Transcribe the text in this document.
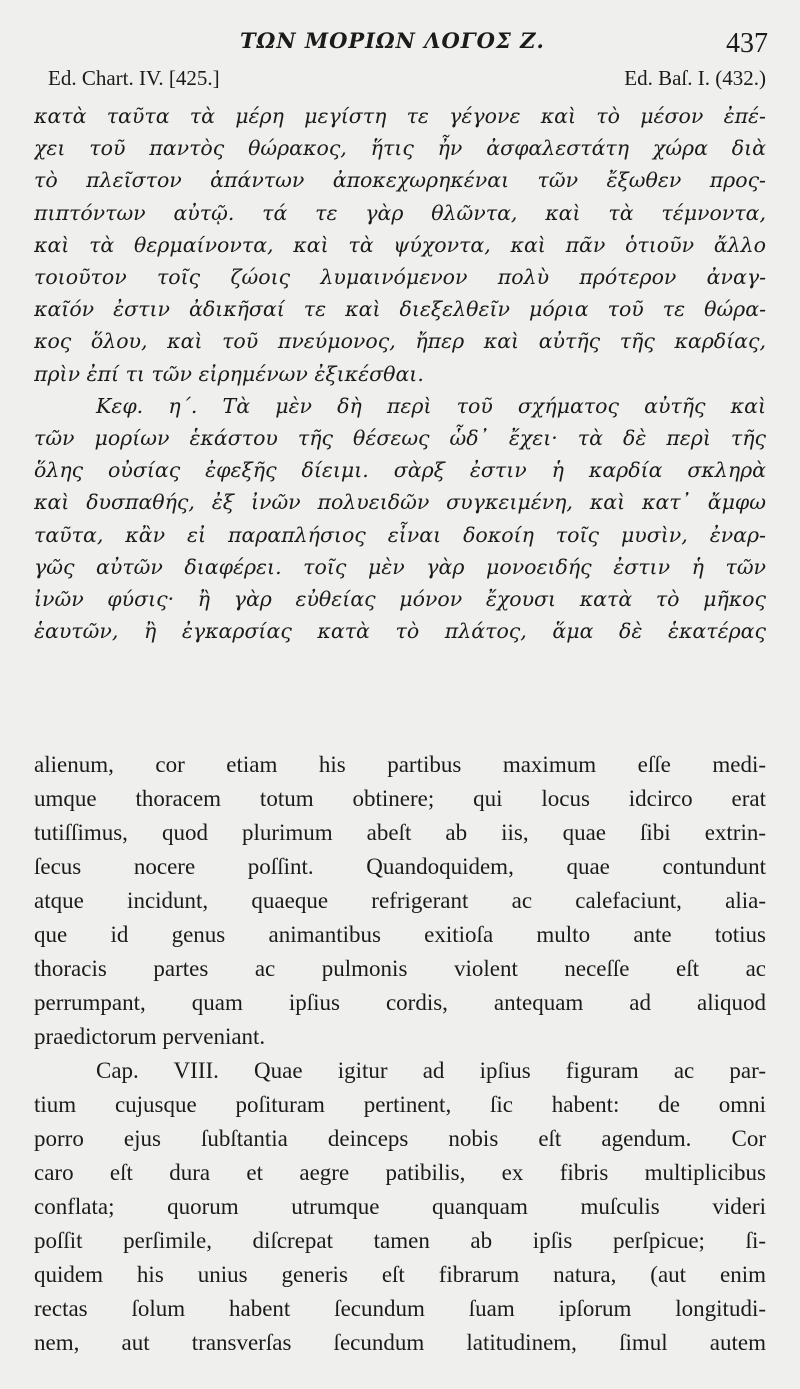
ΤΩΝ ΜΟΡΙΩΝ ΛΟΓΟΣ Ζ.	437
Ed. Chart. IV. [425.]	Ed. Baſ. I. (432.)
κατὰ ταῦτα τὰ μέρη μεγίστη τε γέγονε καὶ τὸ μέσον ἐπέ-
χει τοῦ παντὸς θώρακος, ἥτις ἦν ἀσφαλεστάτη χώρα διὰ
τὸ πλεῖστον ἁπάντων ἀποκεχωρηκέναι τῶν ἔξωθεν προς-
πιπτόντων αὐτῷ. τά τε γὰρ θλῶντα, καὶ τὰ τέμνοντα,
καὶ τὰ θερμαίνοντα, καὶ τὰ ψύχοντα, καὶ πᾶν ὁτιοῦν ἄλλο
τοιοῦτον τοῖς ζώοις λυμαινόμενον πολὺ πρότερον ἀναγ-
καῖόν ἐστιν ἀδικῆσαί τε καὶ διεξελθεῖν μόρια τοῦ τε θώρα-
κος ὅλου, καὶ τοῦ πνεύμονος, ἤπερ καὶ αὐτῆς τῆς καρδίας,
πρὶν ἐπί τι τῶν εἰρημένων ἐξικέσθαι.
Κεφ. η΄. Τὰ μὲν δὴ περὶ τοῦ σχήματος αὐτῆς καὶ
τῶν μορίων ἑκάστου τῆς θέσεως ὧδ᾽ ἔχει· τὰ δὲ περὶ τῆς
ὅλης οὐσίας ἐφεξῆς δίειμι. σὰρξ ἐστιν ἡ καρδία σκληρὰ
καὶ δυσπαθής, ἐξ ἰνῶν πολυειδῶν συγκειμένη, καὶ κατ᾽ ἄμφω
ταῦτα, κἂν εἰ παραπλήσιος εἶναι δοκοίη τοῖς μυσὶν, ἐναρ-
γῶς αὐτῶν διαφέρει. τοῖς μὲν γὰρ μονοειδής ἐστιν ἡ τῶν
ἰνῶν φύσις· ἢ γὰρ εὐθείας μόνον ἔχουσι κατὰ τὸ μῆκος
ἑαυτῶν, ἢ ἐγκαρσίας κατὰ τὸ πλάτος, ἅμα δὲ ἑκατέρας
alienum, cor etiam his partibus maximum eſſe medi-
umque thoracem totum obtinere; qui locus idcirco erat
tutiſſimus, quod plurimum abeſt ab iis, quae ſibi extrin-
ſecus nocere poſſint. Quandoquidem, quae contundunt
atque incidunt, quaeque refrigerant ac calefaciunt, alia-
que id genus animantibus exitioſa multo ante totius
thoracis partes ac pulmonis violent neceſſe eſt ac
perrumpant, quam ipſius cordis, antequam ad aliquod
praedictorum perveniant.
Cap. VIII. Quae igitur ad ipſius figuram ac par-
tium cujusque poſituram pertinent, ſic habent: de omni
porro ejus ſubſtantia deinceps nobis eſt agendum. Cor
caro eſt dura et aegre patibilis, ex fibris multiplicibus
conflata; quorum utrumque quanquam muſculis videri
poſſit perſimile, diſcrepat tamen ab ipſis perſpicue; ſi-
quidem his unius generis eſt fibrarum natura, (aut enim
rectas ſolum habent ſecundum ſuam ipſorum longitudi-
nem, aut transverſas ſecundum latitudinem, ſimul autem
